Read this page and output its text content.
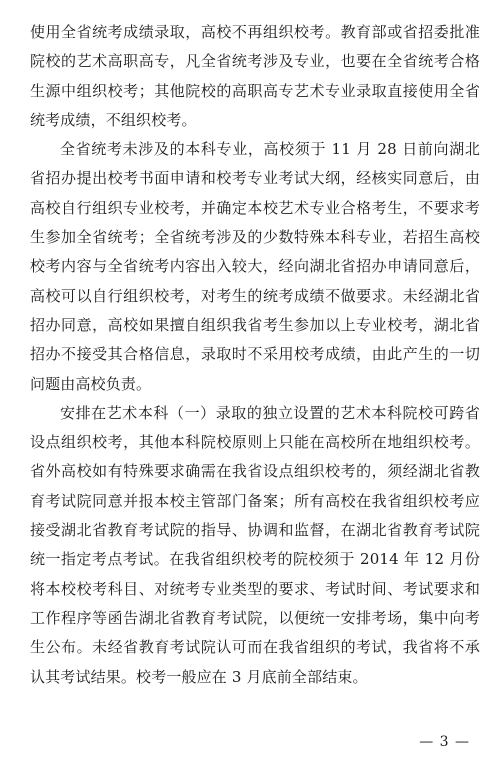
使用全省统考成绩录取，高校不再组织校考。教育部或省招委批准院校的艺术高职高专，凡全省统考涉及专业，也要在全省统考合格生源中组织校考；其他院校的高职高专艺术专业录取直接使用全省统考成绩，不组织校考。

全省统考未涉及的本科专业，高校须于 11 月 28 日前向湖北省招办提出校考书面申请和校考专业考试大纲，经核实同意后，由高校自行组织专业校考，并确定本校艺术专业合格考生，不要求考生参加全省统考；全省统考涉及的少数特殊本科专业，若招生高校校考内容与全省统考内容出入较大，经向湖北省招办申请同意后，高校可以自行组织校考，对考生的统考成绩不做要求。未经湖北省招办同意，高校如果擅自组织我省考生参加以上专业校考，湖北省招办不接受其合格信息，录取时不采用校考成绩，由此产生的一切问题由高校负责。

安排在艺术本科（一）录取的独立设置的艺术本科院校可跨省设点组织校考，其他本科院校原则上只能在高校所在地组织校考。省外高校如有特殊要求确需在我省设点组织校考的，须经湖北省教育考试院同意并报本校主管部门备案；所有高校在我省组织校考应接受湖北省教育考试院的指导、协调和监督，在湖北省教育考试院统一指定考点考试。在我省组织校考的院校须于 2014 年 12 月份将本校校考科目、对统考专业类型的要求、考试时间、考试要求和工作程序等函告湖北省教育考试院，以便统一安排考场，集中向考生公布。未经省教育考试院认可而在我省组织的考试，我省将不承认其考试结果。校考一般应在 3 月底前全部结束。

— 3 —
